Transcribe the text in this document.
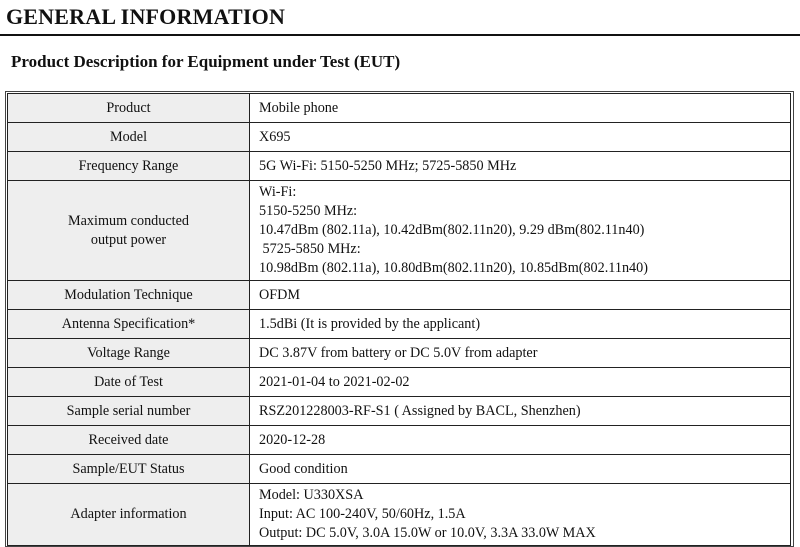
GENERAL INFORMATION
Product Description for Equipment under Test (EUT)
Product	Mobile phone

Model	X695

Frequency Range	5G Wi-Fi: 5150-5250 MHz; 5725-5850 MHz

Maximum conducted
output power	Wi-Fi:
5150-5250 MHz:
10.47dBm (802.11a), 10.42dBm(802.11n20), 9.29 dBm(802.11n40)
5725-5850 MHz:
10.98dBm (802.11a), 10.80dBm(802.11n20), 10.85dBm(802.11n40)

Modulation Technique	OFDM

Antenna Specification*	1.5dBi (It is provided by the applicant)

Voltage Range	DC 3.87V from battery or DC 5.0V from adapter

Date of Test	2021-01-04 to 2021-02-02

Sample serial number	RSZ201228003-RF-S1 ( Assigned by BACL, Shenzhen)

Received date	2020-12-28

Sample/EUT Status	Good condition

Adapter information	Model: U330XSA
Input: AC 100-240V, 50/60Hz, 1.5A
Output: DC 5.0V, 3.0A 15.0W or 10.0V, 3.3A 33.0W MAX
